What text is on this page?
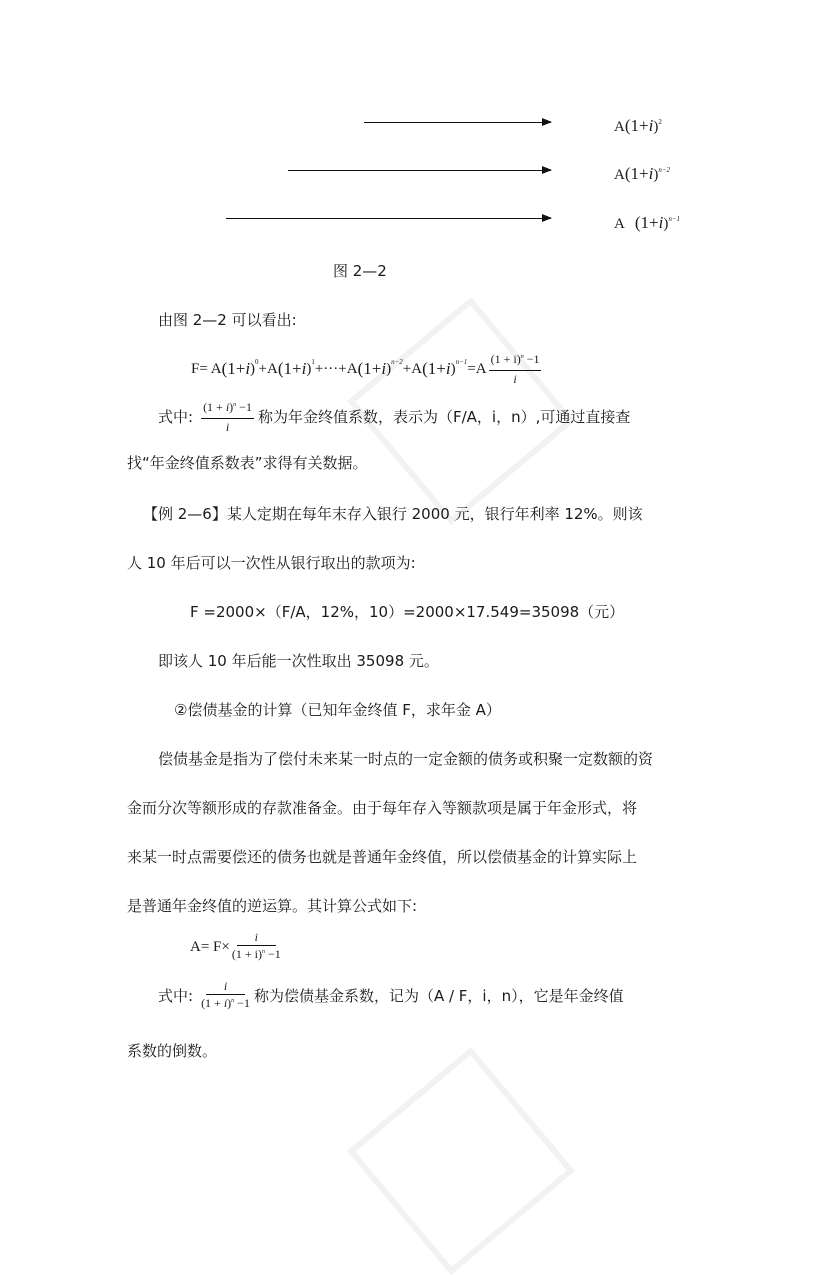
$A(1+i)^2$
$A(1+i)^{n-2}$
A $(1+i)^{n-1}$
图 2—2
由图 2—2 可以看出:
F= A (1+ i ) 0 +A (1+ i ) 1 +···+A (1+ i ) n−2 +A (1+ i ) $n-1 =A \frac{(1 + i)^n -1}{i}$
式中: $\frac{(1 + i)^n -1}{i}$ 称为年金终值系数，表示为（F/A，i，n）,可通过直接查
找“年金终值系数表”求得有关数据。
【例 2—6】某人定期在每年末存入银行 2000 元，银行年利率 12%。则该
人 10 年后可以一次性从银行取出的款项为:
F =2000×（F/A，12%，10）=2000×17.549=35098（元）
即该人 10 年后能一次性取出 35098 元。
②偿债基金的计算（已知年金终值 F，求年金 A）
偿债基金是指为了偿付未来某一时点的一定金额的债务或积聚一定数额的资
金而分次等额形成的存款准备金。由于每年存入等额款项是属于年金形式，将
来某一时点需要偿还的债务也就是普通年金终值，所以偿债基金的计算实际上
是普通年金终值的逆运算。其计算公式如下:
$A= F\times \frac{i}{(1 + i)^n -1}$
式中: $\frac{i}{(1 + i)^n -1}$ 称为偿债基金系数，记为（A / F，i，n），它是年金终值
系数的倒数。
